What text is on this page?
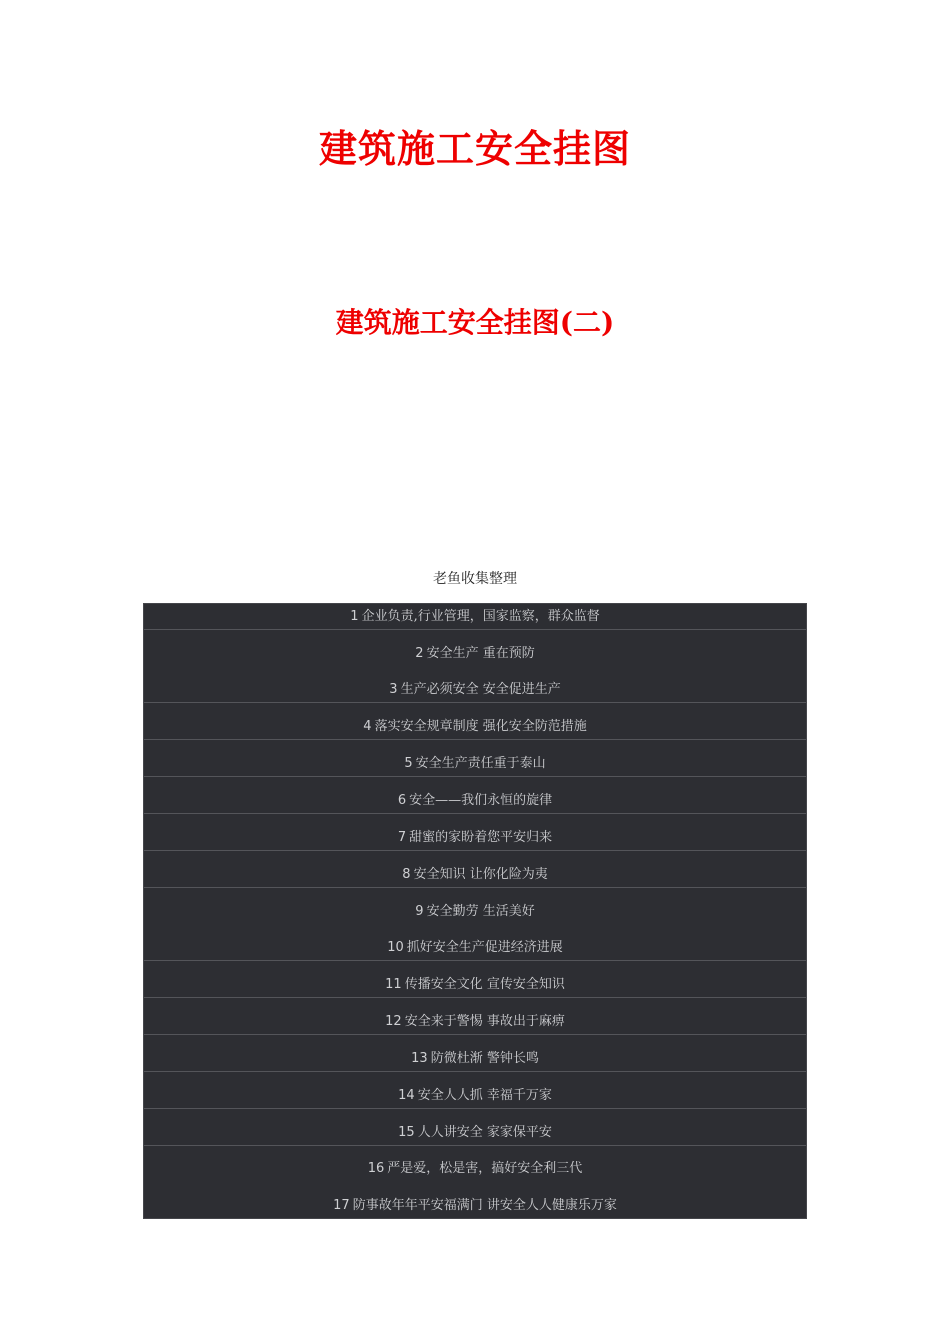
建筑施工安全挂图
建筑施工安全挂图(二)
老鱼收集整理
1 企业负责,行业管理，国家监察，群众监督
2 安全生产 重在预防
3 生产必须安全 安全促进生产
4 落实安全规章制度 强化安全防范措施
5 安全生产责任重于泰山
6 安全——我们永恒的旋律
7 甜蜜的家盼着您平安归来
8 安全知识 让你化险为夷
9 安全勤劳 生活美好
10 抓好安全生产促进经济进展
11 传播安全文化 宣传安全知识
12 安全来于警惕 事故出于麻痹
13 防微杜渐 警钟长鸣
14 安全人人抓 幸福千万家
15 人人讲安全 家家保平安
16 严是爱，松是害，搞好安全利三代
17 防事故年年平安福满门 讲安全人人健康乐万家
